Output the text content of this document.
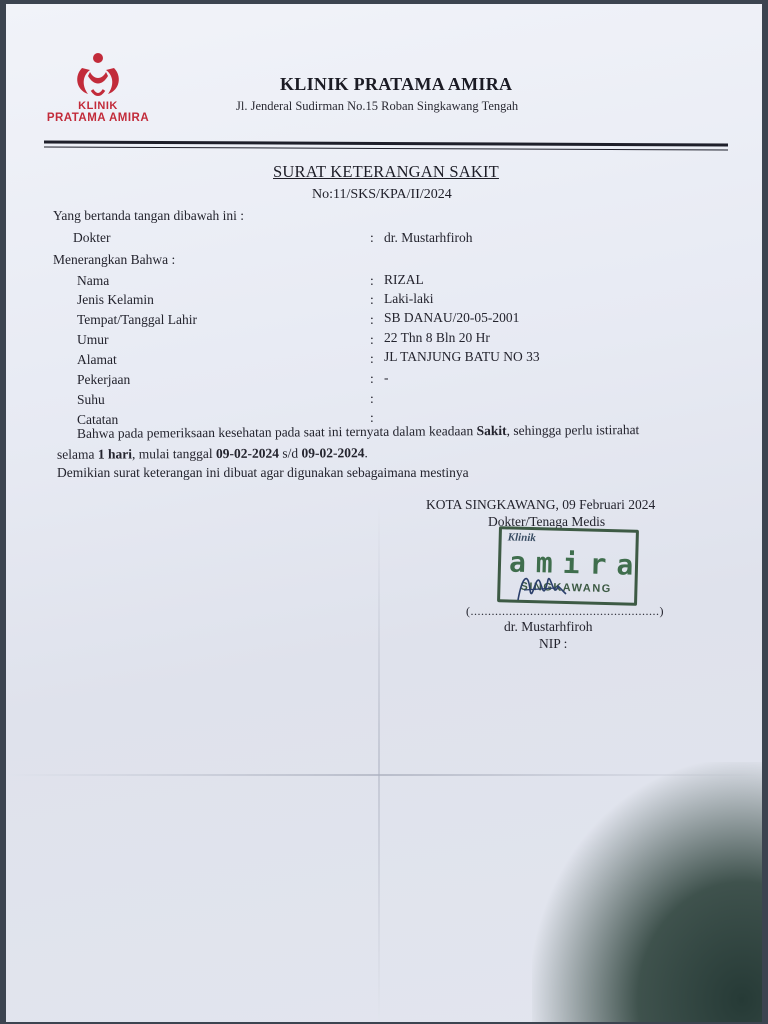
KLINIK
PRATAMA AMIRA
KLINIK PRATAMA AMIRA
Jl. Jenderal Sudirman No.15 Roban Singkawang Tengah
SURAT KETERANGAN SAKIT
No:11/SKS/KPA/II/2024
Yang bertanda tangan dibawah ini :
Dokter	: dr. Mustarhfiroh
Menerangkan Bahwa :
Nama	: RIZAL
Jenis Kelamin	: Laki-laki
Tempat/Tanggal Lahir	: SB DANAU/20-05-2001
Umur	: 22 Thn 8 Bln 20 Hr
Alamat	: JL TANJUNG BATU NO 33
Pekerjaan	: -
Suhu	:
Catatan	:
Bahwa pada pemeriksaan kesehatan pada saat ini ternyata dalam keadaan Sakit, sehingga perlu istirahat
selama 1 hari, mulai tanggal 09-02-2024 s/d 09-02-2024.
Demikian surat keterangan ini dibuat agar digunakan sebagaimana mestinya
KOTA SINGKAWANG, 09 Februari 2024
Dokter/Tenaga Medis
Klinik
amira
SINGKAWANG
(......................................................)
dr. Mustarhfiroh
NIP :
